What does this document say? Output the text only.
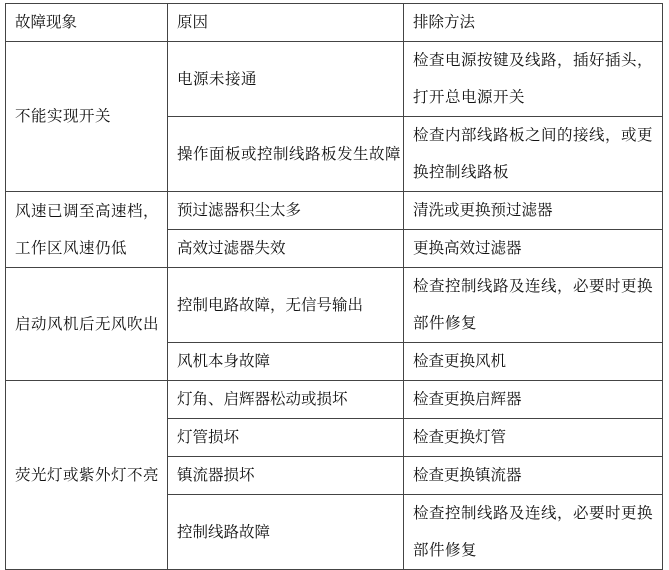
故障现象	原因	排除方法
不能实现开关	电源未接通	检查电源按键及线路，插好插头，打开总电源开关
	操作面板或控制线路板发生故障	检查内部线路板之间的接线，或更换控制线路板
风速已调至高速档，工作区风速仍低	预过滤器积尘太多	清洗或更换预过滤器
	高效过滤器失效	更换高效过滤器
启动风机后无风吹出	控制电路故障，无信号输出	检查控制线路及连线，必要时更换部件修复
	风机本身故障	检查更换风机
荧光灯或紫外灯不亮	灯角、启辉器松动或损坏	检查更换启辉器
	灯管损坏	检查更换灯管
	镇流器损坏	检查更换镇流器
	控制线路故障	检查控制线路及连线，必要时更换部件修复
